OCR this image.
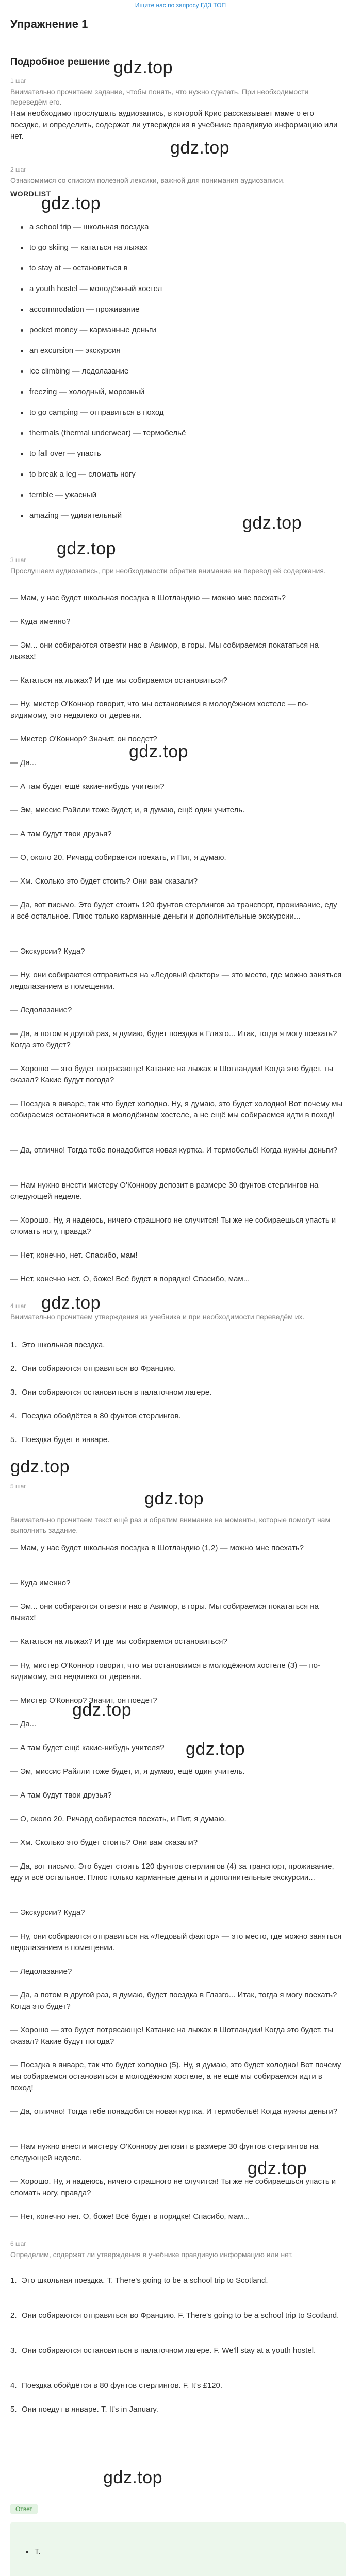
Ищите нас по запросу ГДЗ ТОП
Упражнение 1
Подробное решение gdz.top
1 шаг
Внимательно прочитаем задание, чтобы понять, что нужно сделать. При необходимости переведём его.
Нам необходимо прослушать аудиозапись, в которой Крис рассказывает маме о его поездке, и определить, содержат ли утверждения в учебнике правдивую информацию или нет.
gdz.top
2 шаг
Ознакомимся со списком полезной лексики, важной для понимания аудиозаписи.
WORDLIST
gdz.top
a school trip — школьная поездка
to go skiing — кататься на лыжах
to stay at — остановиться в
a youth hostel — молодёжный хостел
accommodation — проживание
pocket money — карманные деньги
an excursion — экскурсия
ice climbing — ледолазание
freezing — холодный, морозный
to go camping — отправиться в поход
thermals (thermal underwear) — термобельё
to fall over — упасть
to break a leg — сломать ногу
terrible — ужасный
amazing — удивительный	gdz.top
gdz.top
3 шаг
Прослушаем аудиозапись, при необходимости обратив внимание на перевод её содержания.
— Мам, у нас будет школьная поездка в Шотландию — можно мне поехать?
— Куда именно?
— Эм... они собираются отвезти нас в Авимор, в горы. Мы собираемся покататься на лыжах!
— Кататься на лыжах? И где мы собираемся остановиться?
— Ну, мистер О'Коннор говорит, что мы остановимся в молодёжном хостеле — по-видимому, это недалеко от деревни.
— Мистер О'Коннор? Значит, он поедет?
gdz.top
— Да...
— А там будет ещё какие-нибудь учителя?
— Эм, миссис Райлли тоже будет, и, я думаю, ещё один учитель.
— А там будут твои друзья?
— О, около 20. Ричард собирается поехать, и Пит, я думаю.
— Хм. Сколько это будет стоить? Они вам сказали?
— Да, вот письмо. Это будет стоить 120 фунтов стерлингов за транспорт, проживание, еду и всё остальное. Плюс только карманные деньги и дополнительные экскурсии...
— Экскурсии? Куда?
— Ну, они собираются отправиться на «Ледовый фактор» — это место, где можно заняться ледолазанием в помещении.
— Ледолазание?
— Да, а потом в другой раз, я думаю, будет поездка в Глазго... Итак, тогда я могу поехать? Когда это будет?
— Хорошо — это будет потрясающе! Катание на лыжах в Шотландии! Когда это будет, ты сказал? Какие будут погода?
— Поездка в январе, так что будет холодно. Ну, я думаю, это будет холодно! Вот почему мы собираемся остановиться в молодёжном хостеле, а не ещё мы собираемся идти в поход!
— Да, отлично! Тогда тебе понадобится новая куртка. И термобельё! Когда нужны деньги?
— Нам нужно внести мистеру О'Коннору депозит в размере 30 фунтов стерлингов на следующей неделе.
— Хорошо. Ну, я надеюсь, ничего страшного не случится! Ты же не собираешься упасть и сломать ногу, правда?
— Нет, конечно, нет. Спасибо, мам!
— Нет, конечно нет. О, боже! Всё будет в порядке! Спасибо, мам...
4 шаг gdz.top
Внимательно прочитаем утверждения из учебника и при необходимости переведём их.
1. Это школьная поездка.
2. Они собираются отправиться во Францию.
3. Они собираются остановиться в палаточном лагере.
4. Поездка обойдётся в 80 фунтов стерлингов.
5. Поездка будет в январе.
gdz.top
5 шаг
gdz.top
Внимательно прочитаем текст ещё раз и обратим внимание на моменты, которые помогут нам выполнить задание.
— Мам, у нас будет школьная поездка в Шотландию (1,2) — можно мне поехать?
— Куда именно?
— Эм... они собираются отвезти нас в Авимор, в горы. Мы собираемся покататься на лыжах!
— Кататься на лыжах? И где мы собираемся остановиться?
— Ну, мистер О'Коннор говорит, что мы остановимся в молодёжном хостеле (3) — по-видимому, это недалеко от деревни.
— Мистер О'Коннор? Значит, он поедет?
gdz.top
— Да...
— А там будет ещё какие-нибудь учителя?	gdz.top
— Эм, миссис Райлли тоже будет, и, я думаю, ещё один учитель.
— А там будут твои друзья?
— О, около 20. Ричард собирается поехать, и Пит, я думаю.
— Хм. Сколько это будет стоить? Они вам сказали?
— Да, вот письмо. Это будет стоить 120 фунтов стерлингов (4) за транспорт, проживание, еду и всё остальное. Плюс только карманные деньги и дополнительные экскурсии...
— Экскурсии? Куда?
— Ну, они собираются отправиться на «Ледовый фактор» — это место, где можно заняться ледолазанием в помещении.
— Ледолазание?
— Да, а потом в другой раз, я думаю, будет поездка в Глазго... Итак, тогда я могу поехать? Когда это будет?
— Хорошо — это будет потрясающе! Катание на лыжах в Шотландии! Когда это будет, ты сказал? Какие будут погода?
— Поездка в январе, так что будет холодно (5). Ну, я думаю, это будет холодно! Вот почему мы собираемся остановиться в молодёжном хостеле, а не ещё мы собираемся идти в поход!
— Да, отлично! Тогда тебе понадобится новая куртка. И термобельё! Когда нужны деньги?
— Нам нужно внести мистеру О'Коннору депозит в размере 30 фунтов стерлингов на следующей неделе.
gdz.top
— Хорошо. Ну, я надеюсь, ничего страшного не случится! Ты же не собираешься упасть и сломать ногу, правда?
— Нет, конечно нет. О, боже! Всё будет в порядке! Спасибо, мам...
6 шаг
Определим, содержат ли утверждения в учебнике правдивую информацию или нет.
1. Это школьная поездка. T. There's going to be a school trip to Scotland.
2. Они собираются отправиться во Францию. F. There's going to be a school trip to Scotland.
3. Они собираются остановиться в палаточном лагере. F. We'll stay at a youth hostel.
4. Поездка обойдётся в 80 фунтов стерлингов. F. It's £120.
5. Они поедут в январе. T. It's in January.
gdz.top
Ответ
T.
